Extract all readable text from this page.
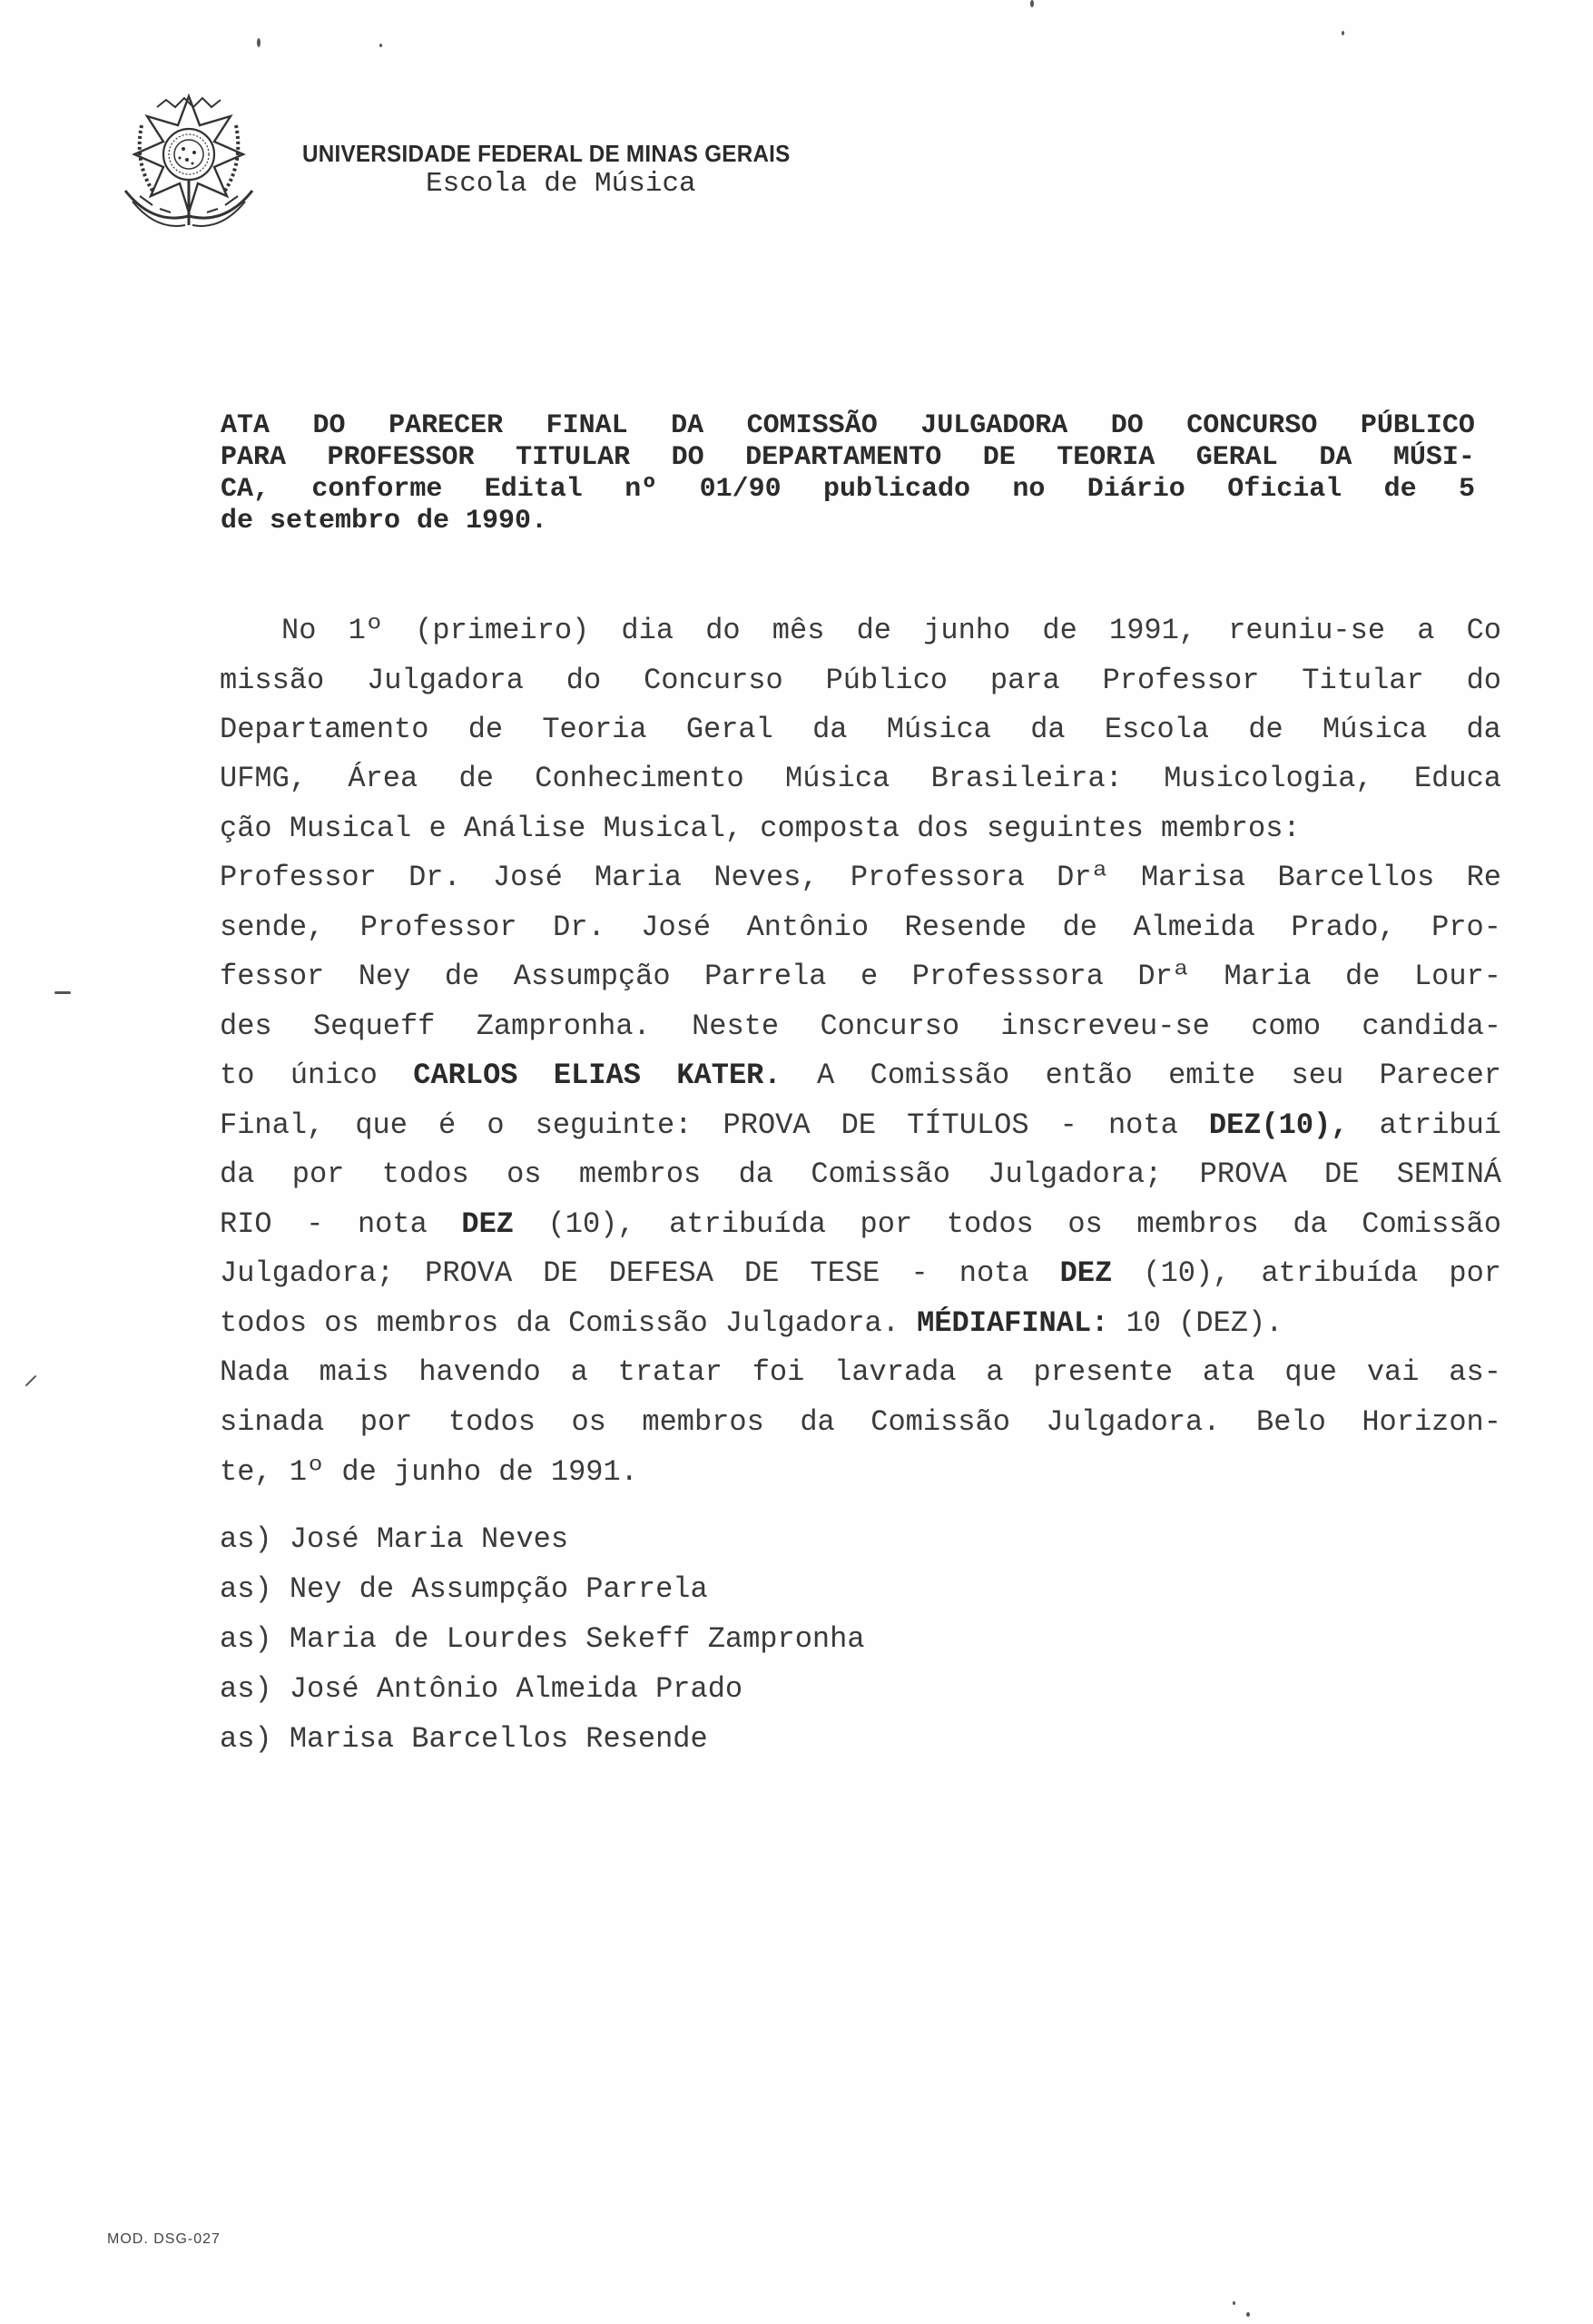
UNIVERSIDADE FEDERAL DE MINAS GERAIS
Escola de Música
ATA DO PARECER FINAL DA COMISSÃO JULGADORA DO CONCURSO PÚBLICO
PARA PROFESSOR TITULAR DO DEPARTAMENTO DE TEORIA GERAL DA MÚSI-
CA, conforme Edital nº 01/90 publicado no Diário Oficial de 5
de setembro de 1990.
No 1º (primeiro) dia do mês de junho de 1991, reuniu-se a Co
missão Julgadora do Concurso Público para Professor Titular do
Departamento de Teoria Geral da Música da Escola de Música da
UFMG, Área de Conhecimento Música Brasileira: Musicologia, Educa
ção Musical e Análise Musical, composta dos seguintes membros:
Professor Dr. José Maria Neves, Professora Drª Marisa Barcellos Re
sende, Professor Dr. José Antônio Resende de Almeida Prado, Pro-
fessor Ney de Assumpção Parrela e Professsora Drª Maria de Lour-
des Sequeff Zampronha. Neste Concurso inscreveu-se como candida-
to único CARLOS ELIAS KATER. A Comissão então emite seu Parecer
Final, que é o seguinte: PROVA DE TÍTULOS - nota DEZ(10), atribuí
da por todos os membros da Comissão Julgadora; PROVA DE SEMINÁ
RIO - nota DEZ (10), atribuída por todos os membros da Comissão
Julgadora; PROVA DE DEFESA DE TESE - nota DEZ (10), atribuída por
todos os membros da Comissão Julgadora. MÉDIA FINAL: 10 (DEZ).
Nada mais havendo a tratar foi lavrada a presente ata que vai as-
sinada por todos os membros da Comissão Julgadora. Belo Horizon-
te, 1º de junho de 1991.
as) José Maria Neves
as) Ney de Assumpção Parrela
as) Maria de Lourdes Sekeff Zampronha
as) José Antônio Almeida Prado
as) Marisa Barcellos Resende
MOD. DSG-027
